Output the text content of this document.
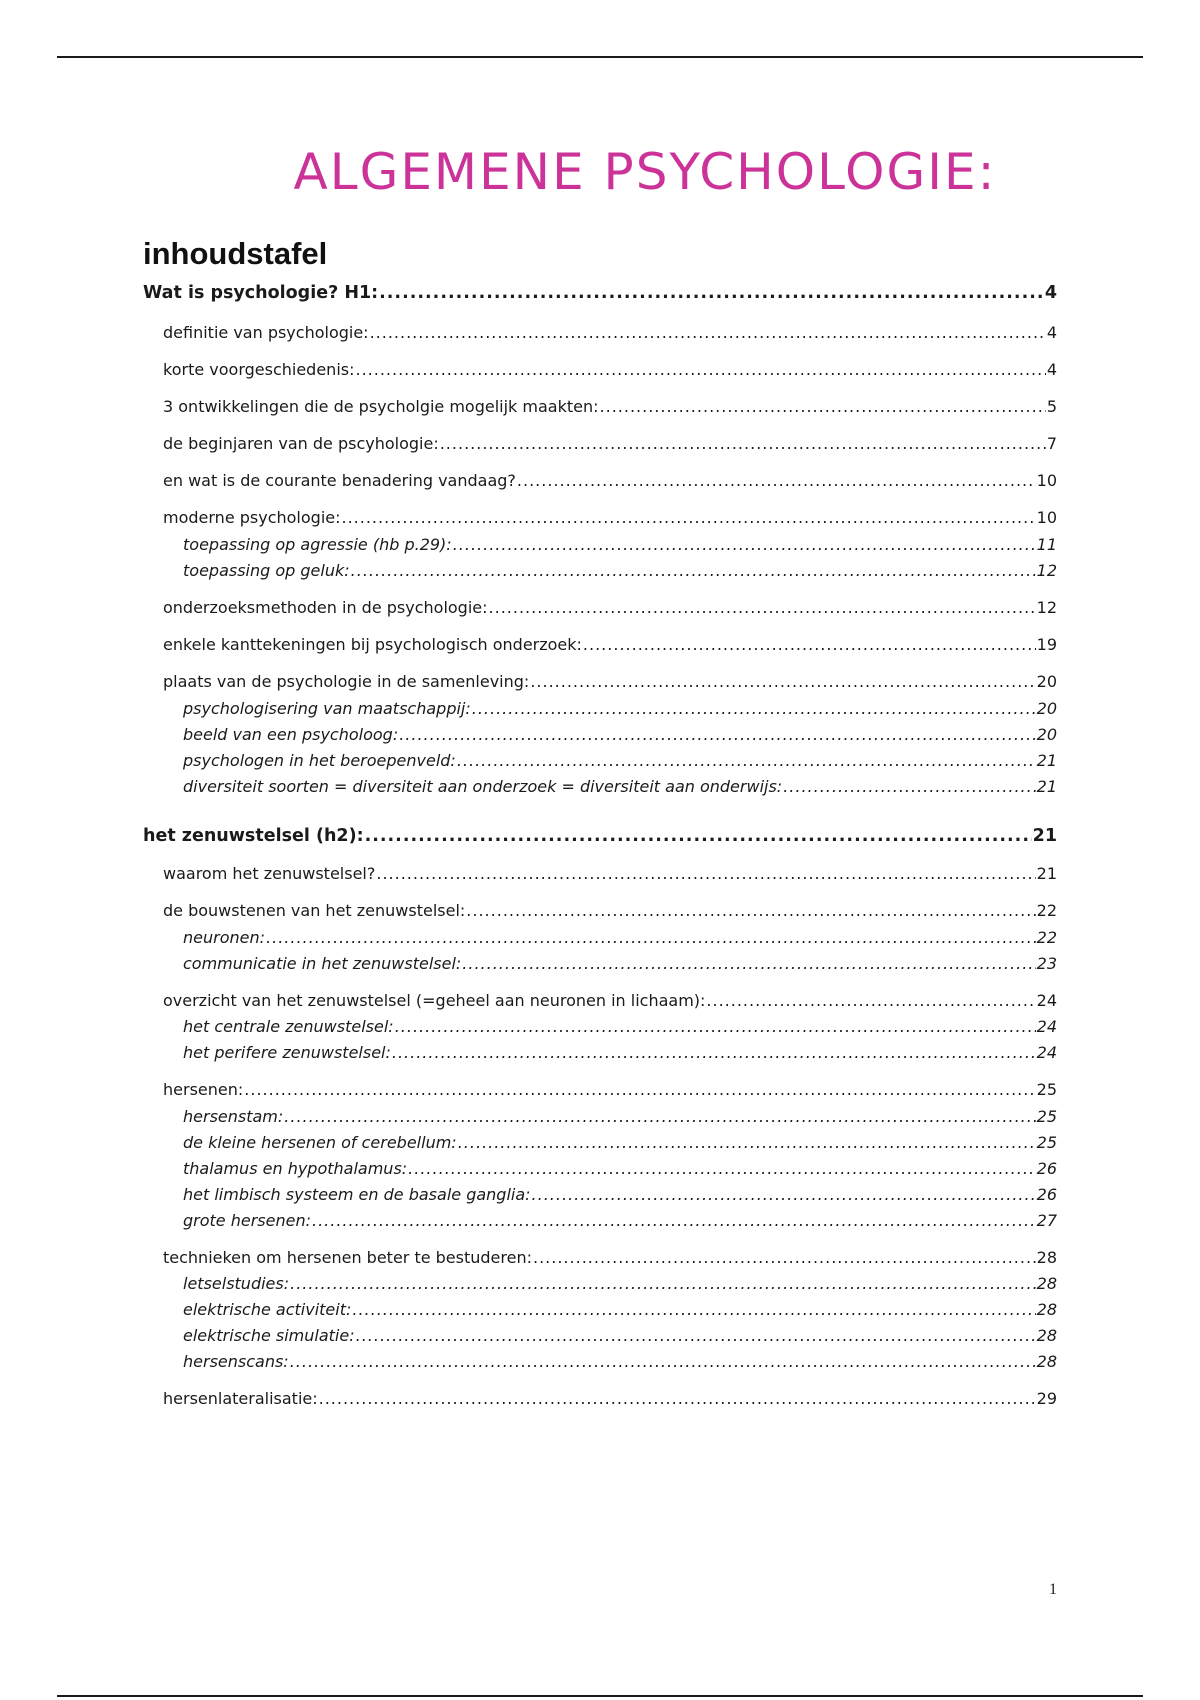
ALGEMENE PSYCHOLOGIE:
inhoudstafel
Wat is psychologie? H1: .....	4
definitie van psychologie: .....	4
korte voorgeschiedenis: .....	4
3 ontwikkelingen die de psycholgie mogelijk maakten: .....	5
de beginjaren van de pscyhologie: .....	7
en wat is de courante benadering vandaag? .....	10
moderne psychologie: .....	10
toepassing op agressie (hb p.29): .....	11
toepassing op geluk: .....	12
onderzoeksmethoden in de psychologie: .....	12
enkele kanttekeningen bij psychologisch onderzoek: .....	19
plaats van de psychologie in de samenleving: .....	20
psychologisering van maatschappij: .....	20
beeld van een psycholoog: .....	20
psychologen in het beroepenveld: .....	21
diversiteit soorten = diversiteit aan onderzoek = diversiteit aan onderwijs: .....	21
het zenuwstelsel (h2): .....	21
waarom het zenuwstelsel? .....	21
de bouwstenen van het zenuwstelsel: .....	22
neuronen: .....	22
communicatie in het zenuwstelsel: .....	23
overzicht van het zenuwstelsel (=geheel aan neuronen in lichaam): .....	24
het centrale zenuwstelsel: .....	24
het perifere zenuwstelsel: .....	24
hersenen: .....	25
hersenstam: .....	25
de kleine hersenen of cerebellum: .....	25
thalamus en hypothalamus: .....	26
het limbisch systeem en de basale ganglia: .....	26
grote hersenen: .....	27
technieken om hersenen beter te bestuderen: .....	28
letselstudies: .....	28
elektrische activiteit: .....	28
elektrische simulatie: .....	28
hersenscans: .....	28
hersenlateralisatie: .....	29
1
